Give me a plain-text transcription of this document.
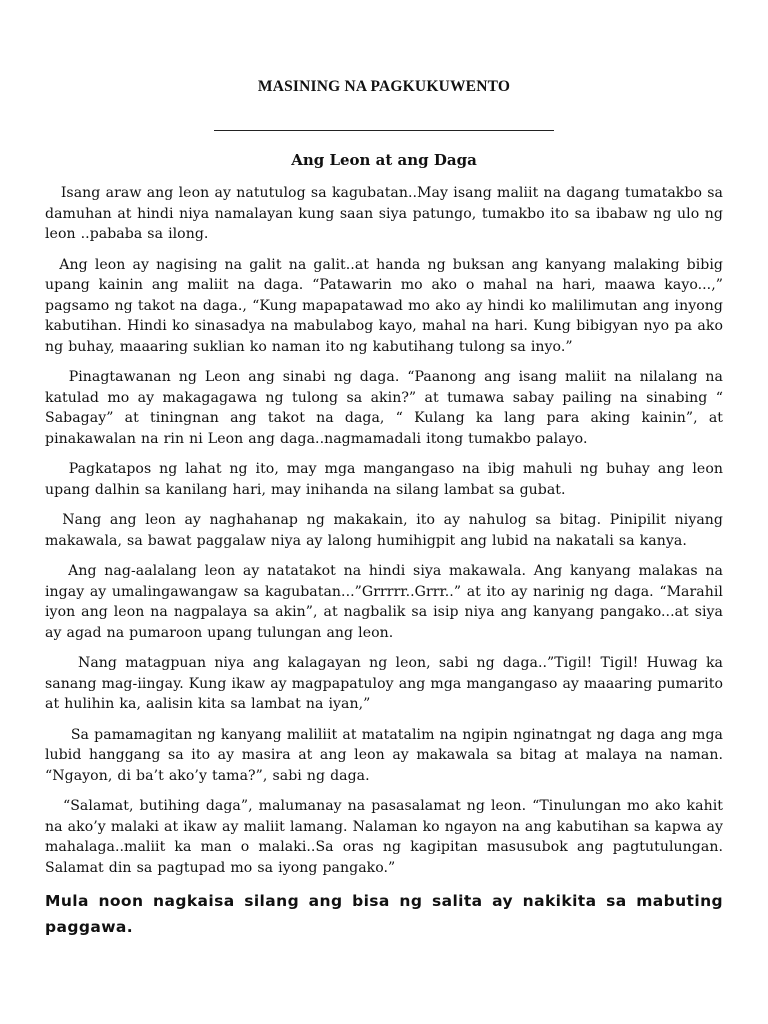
MASINING NA PAGKUKUWENTO
Ang Leon at ang Daga

Isang araw ang leon ay natutulog sa kagubatan..May isang maliit na dagang tumatakbo sa damuhan at hindi niya namalayan kung saan siya patungo, tumakbo ito sa ibabaw ng ulo ng leon ..pababa sa ilong.

Ang leon ay nagising na galit na galit..at handa ng buksan ang kanyang malaking bibig upang kainin ang maliit na daga. “Patawarin mo ako o mahal na hari, maawa kayo...,” pagsamo ng takot na daga., “Kung mapapatawad mo ako ay hindi ko malilimutan ang inyong kabutihan. Hindi ko sinasadya na mabulabog kayo, mahal na hari. Kung bibigyan nyo pa ako ng buhay, maaaring suklian ko naman ito ng kabutihang tulong sa inyo.”

Pinagtawanan ng Leon ang sinabi ng daga. “Paanong ang isang maliit na nilalang na katulad mo ay makagagawa ng tulong sa akin?” at tumawa sabay pailing na sinabing “ Sabagay” at tiningnan ang takot na daga, “ Kulang ka lang para aking kainin”, at pinakawalan na rin ni Leon ang daga..nagmamadali itong tumakbo palayo.

Pagkatapos ng lahat ng ito, may mga mangangaso na ibig mahuli ng buhay ang leon upang dalhin sa kanilang hari, may inihanda na silang lambat sa gubat.

Nang ang leon ay naghahanap ng makakain, ito ay nahulog sa bitag. Pinipilit niyang makawala, sa bawat paggalaw niya ay lalong humihigpit ang lubid na nakatali sa kanya.

Ang nag-aalalang leon ay natatakot na hindi siya makawala. Ang kanyang malakas na ingay ay umalingawangaw sa kagubatan...”Grrrrr..Grrr..” at ito ay narinig ng daga. “Marahil iyon ang leon na nagpalaya sa akin”, at nagbalik sa isip niya ang kanyang pangako...at siya ay agad na pumaroon upang tulungan ang leon.

Nang matagpuan niya ang kalagayan ng leon, sabi ng daga..”Tigil! Tigil! Huwag ka sanang mag-iingay. Kung ikaw ay magpapatuloy ang mga mangangaso ay maaaring pumarito at hulihin ka, aalisin kita sa lambat na iyan,”

Sa pamamagitan ng kanyang maliliit at matatalim na ngipin nginatngat ng daga ang mga lubid hanggang sa ito ay masira at ang leon ay makawala sa bitag at malaya na naman. “Ngayon, di ba’t ako’y tama?”, sabi ng daga.

“Salamat, butihing daga”, malumanay na pasasalamat ng leon. “Tinulungan mo ako kahit na ako’y malaki at ikaw ay maliit lamang. Nalaman ko ngayon na ang kabutihan sa kapwa ay mahalaga..maliit ka man o malaki..Sa oras ng kagipitan masusubok ang pagtutulungan. Salamat din sa pagtupad mo sa iyong pangako.”

Mula noon nagkaisa silang ang bisa ng salita ay nakikita sa mabuting paggawa.
